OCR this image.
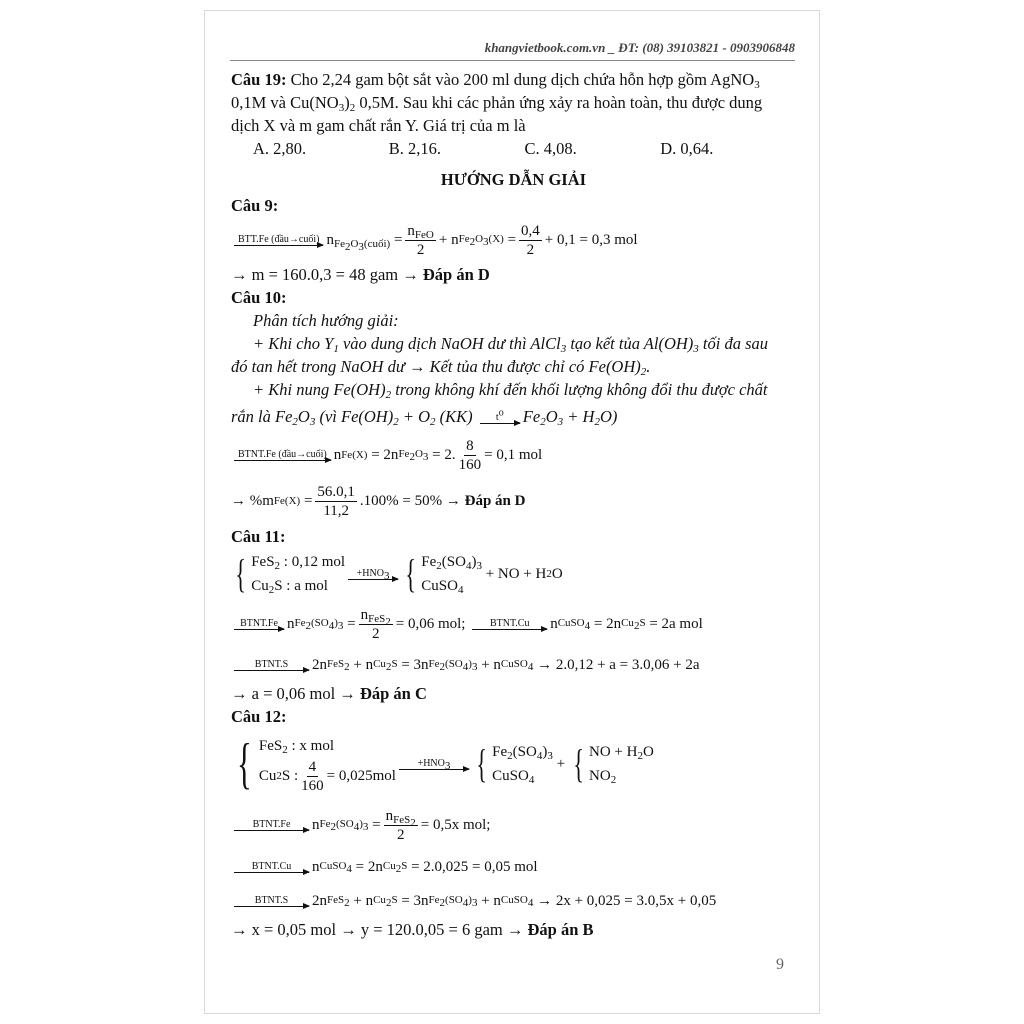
khangvietbook.com.vn _ ĐT: (08) 39103821 - 0903906848
Câu 19: Cho 2,24 gam bột sắt vào 200 ml dung dịch chứa hỗn hợp gồm AgNO$_3$
0,1M và $Cu(NO_3)_2$ 0,5M. Sau khi các phản ứng xảy ra hoàn toàn, thu được dung
dịch X và m gam chất rắn Y. Giá trị của m là
A. 2,80.	B. 2,16.	C. 4,08.	D. 0,64.
HƯỚNG DẪN GIẢI
Câu 9:
BTT.Fe (đầu→cuối) $n_{Fe_2O_3(cuối)} = \frac{n_{FeO}}{2} + n$ $Fe_2O_3(X) = \frac{0,4}{2} + 0,1$
= 0,3 mol
→ m = 160.0,3 = 48 gam → Đáp án D
Câu 10:
Phân tích hướng giải:
+ Khi cho $Y_1$ vào dung dịch NaOH dư thì AlCl$_3$ tạo kết tủa $Al(OH)_3$ tối đa sau
đó tan hết trong NaOH dư → Kết tủa thu được chỉ có $Fe(OH)_2$.
+ Khi nung $Fe(OH)_2$ trong không khí đến khối lượng không đổi thu được chất
rắn là $Fe_2O_3$ (vì $Fe(OH)_2 + O_2$ (KK)	$t^o$ $Fe_2O_3 + H_2O$)
BTNT.Fe (đầu→cuối) n Fe(X) = 2n $Fe_2O_3 = 2$. $\frac{8}{160} = 0,1$ mol
→ %m $Fe(X) = \frac{56.0,1}{11,2} .100\% = 50\%$ →
Đáp án D
Câu 11:
{ FeS$_2$ : 0,12 mol
$Cu_2S$ : a mol
$+HNO_3$ { $Fe_2(SO_4)_3$
CuSO$_4$

+ NO + H 2 O
BTNT.Fe n $Fe_2(SO_4)_3 = \frac{n_{FeS_2}}{2} = 0,06$ mol;
	BTNT.Cu n CuSO$_4$ = 2n $Cu_2S$
= 2a mol
BTNT.S 2n FeS$_2$ + n $Cu_2S = 3n$ $Fe_2(SO_4)_3 + n$ CuSO$_4$
→ 2.0,12 + a = 3.0,06 + 2a
→ a = 0,06 mol → Đáp án C
Câu 12:
{ FeS$_2$ : x mol
Cu 2 S : $\frac{4}{160} = 0,025mol$
$+HNO_3$ { $Fe_2(SO_4)_3$
CuSO$_4$
+ { NO + $H_2O$
$NO_2$
BTNT.Fe n $Fe_2(SO_4)_3 = \frac{n_{FeS_2}}{2} = 0,5x$ mol;
BTNT.Cu n CuSO$_4$ = 2n $Cu_2S$
= 2.0,025 = 0,05 mol
BTNT.S 2n FeS$_2$ + n $Cu_2S = 3n$ $Fe_2(SO_4)_3 + n$ CuSO$_4$
→ 2x + 0,025 = 3.0,5x + 0,05
→ x = 0,05 mol → y = 120.0,05 = 6 gam → Đáp án B
9
